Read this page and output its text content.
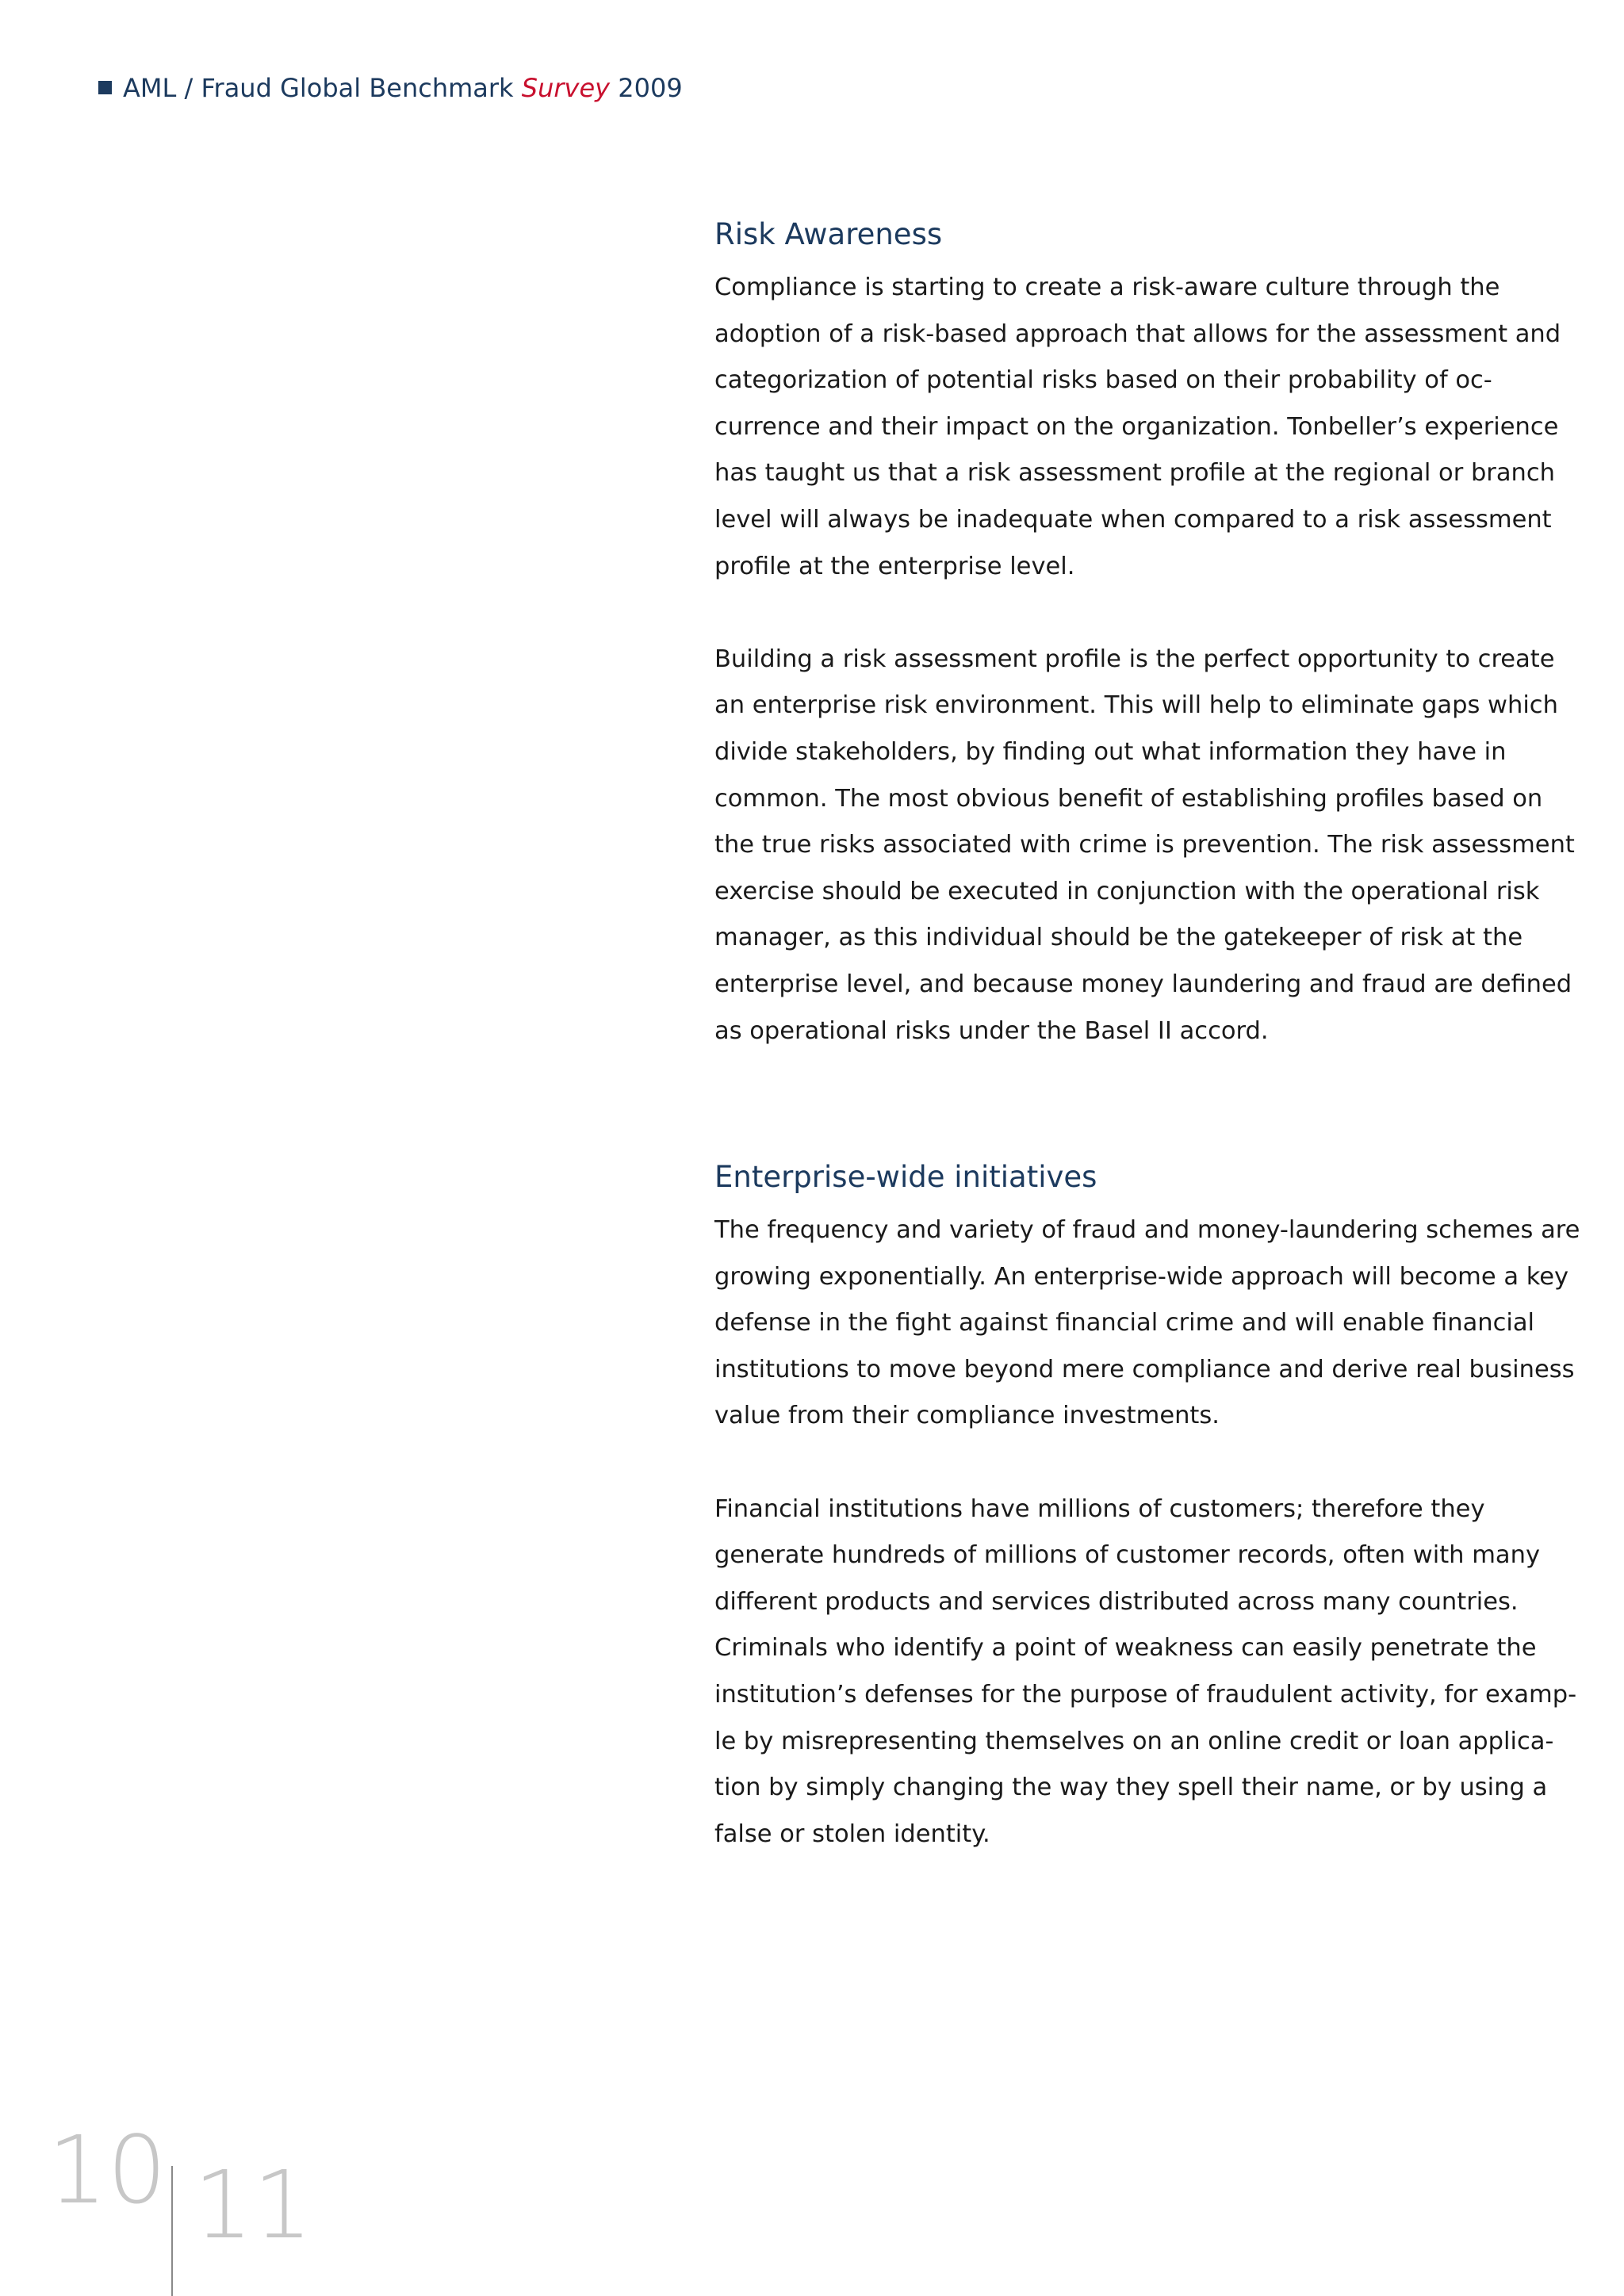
AML / Fraud Global Benchmark Survey 2009
Risk Awareness

Compliance is starting to create a risk-aware culture through the
adoption of a risk-based approach that allows for the assessment and
categorization of potential risks based on their probability of oc-
currence and their impact on the organization. Tonbeller’s experience
has taught us that a risk assessment profile at the regional or branch
level will always be inadequate when compared to a risk assessment
profile at the enterprise level.

Building a risk assessment profile is the perfect opportunity to create
an enterprise risk environment. This will help to eliminate gaps which
divide stakeholders, by finding out what information they have in
common. The most obvious benefit of establishing profiles based on
the true risks associated with crime is prevention. The risk assessment
exercise should be executed in conjunction with the operational risk
manager, as this individual should be the gatekeeper of risk at the
enterprise level, and because money laundering and fraud are defined
as operational risks under the Basel II accord.

Enterprise-wide initiatives

The frequency and variety of fraud and money-laundering schemes are
growing exponentially. An enterprise-wide approach will become a key
defense in the fight against financial crime and will enable financial
institutions to move beyond mere compliance and derive real business
value from their compliance investments.

Financial institutions have millions of customers; therefore they
generate hundreds of millions of customer records, often with many
different products and services distributed across many countries.
Criminals who identify a point of weakness can easily penetrate the
institution’s defenses for the purpose of fraudulent activity, for examp-
le by misrepresenting themselves on an online credit or loan applica-
tion by simply changing the way they spell their name, or by using a
false or stolen identity.

10 11
